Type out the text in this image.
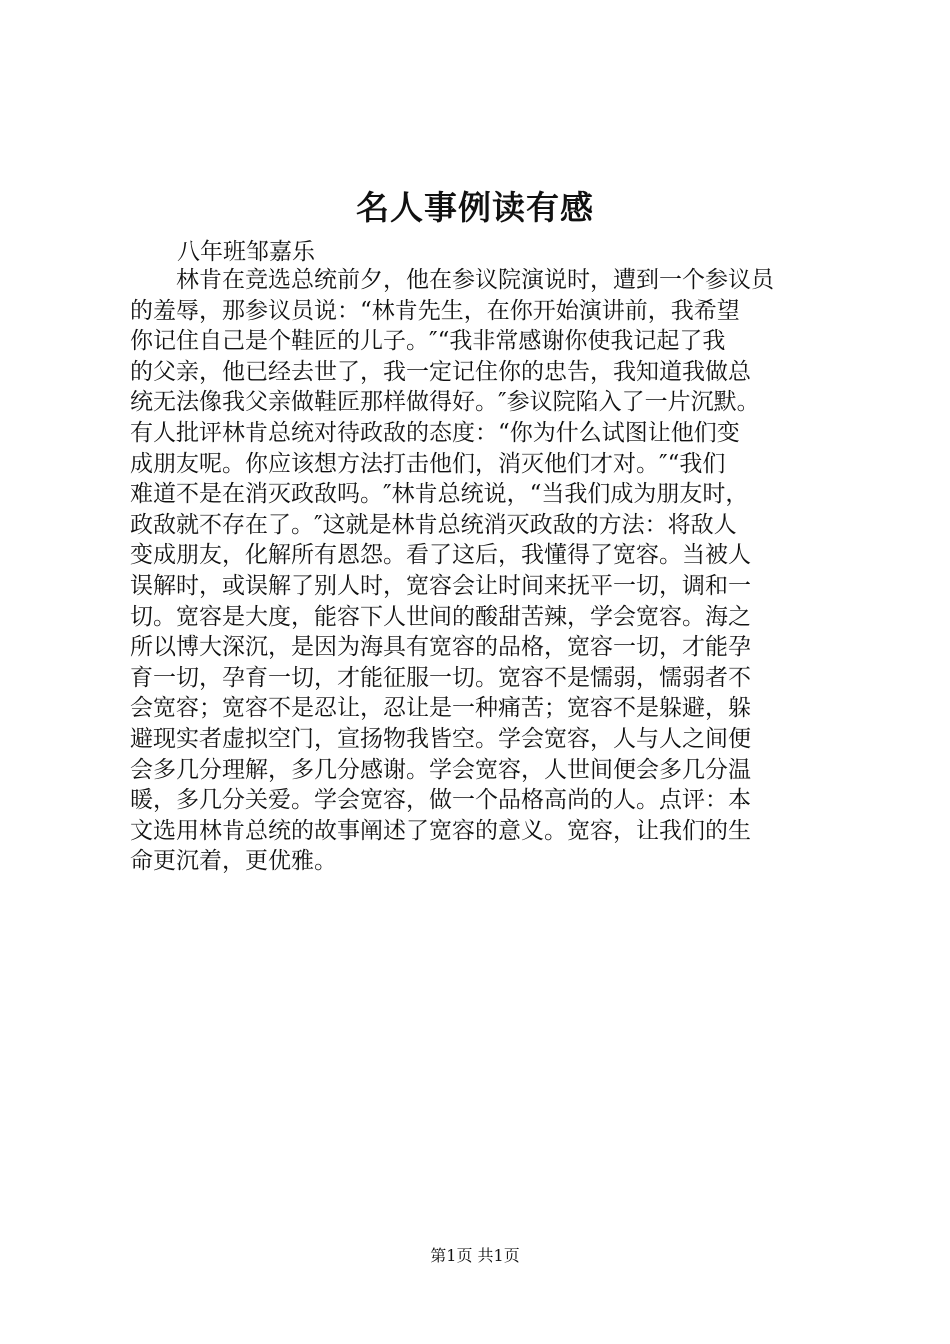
名人事例读有感
八年班邹嘉乐
　　林肯在竞选总统前夕，他在参议院演说时，遭到一个参议员
的羞辱，那参议员说：“林肯先生，在你开始演讲前，我希望
你记住自己是个鞋匠的儿子。″“我非常感谢你使我记起了我
的父亲，他已经去世了，我一定记住你的忠告，我知道我做总
统无法像我父亲做鞋匠那样做得好。″参议院陷入了一片沉默。
有人批评林肯总统对待政敌的态度：“你为什么试图让他们变
成朋友呢。你应该想方法打击他们，消灭他们才对。″“我们
难道不是在消灭政敌吗。″林肯总统说，“当我们成为朋友时，
政敌就不存在了。″这就是林肯总统消灭政敌的方法：将敌人
变成朋友，化解所有恩怨。看了这后，我懂得了宽容。当被人
误解时，或误解了别人时，宽容会让时间来抚平一切，调和一
切。宽容是大度，能容下人世间的酸甜苦辣，学会宽容。海之
所以博大深沉，是因为海具有宽容的品格，宽容一切，才能孕
育一切，孕育一切，才能征服一切。宽容不是懦弱，懦弱者不
会宽容；宽容不是忍让，忍让是一种痛苦；宽容不是躲避，躲
避现实者虚拟空门，宣扬物我皆空。学会宽容，人与人之间便
会多几分理解，多几分感谢。学会宽容，人世间便会多几分温
暖，多几分关爱。学会宽容，做一个品格高尚的人。点评：本
文选用林肯总统的故事阐述了宽容的意义。宽容，让我们的生
命更沉着，更优雅。
第1页 共1页
